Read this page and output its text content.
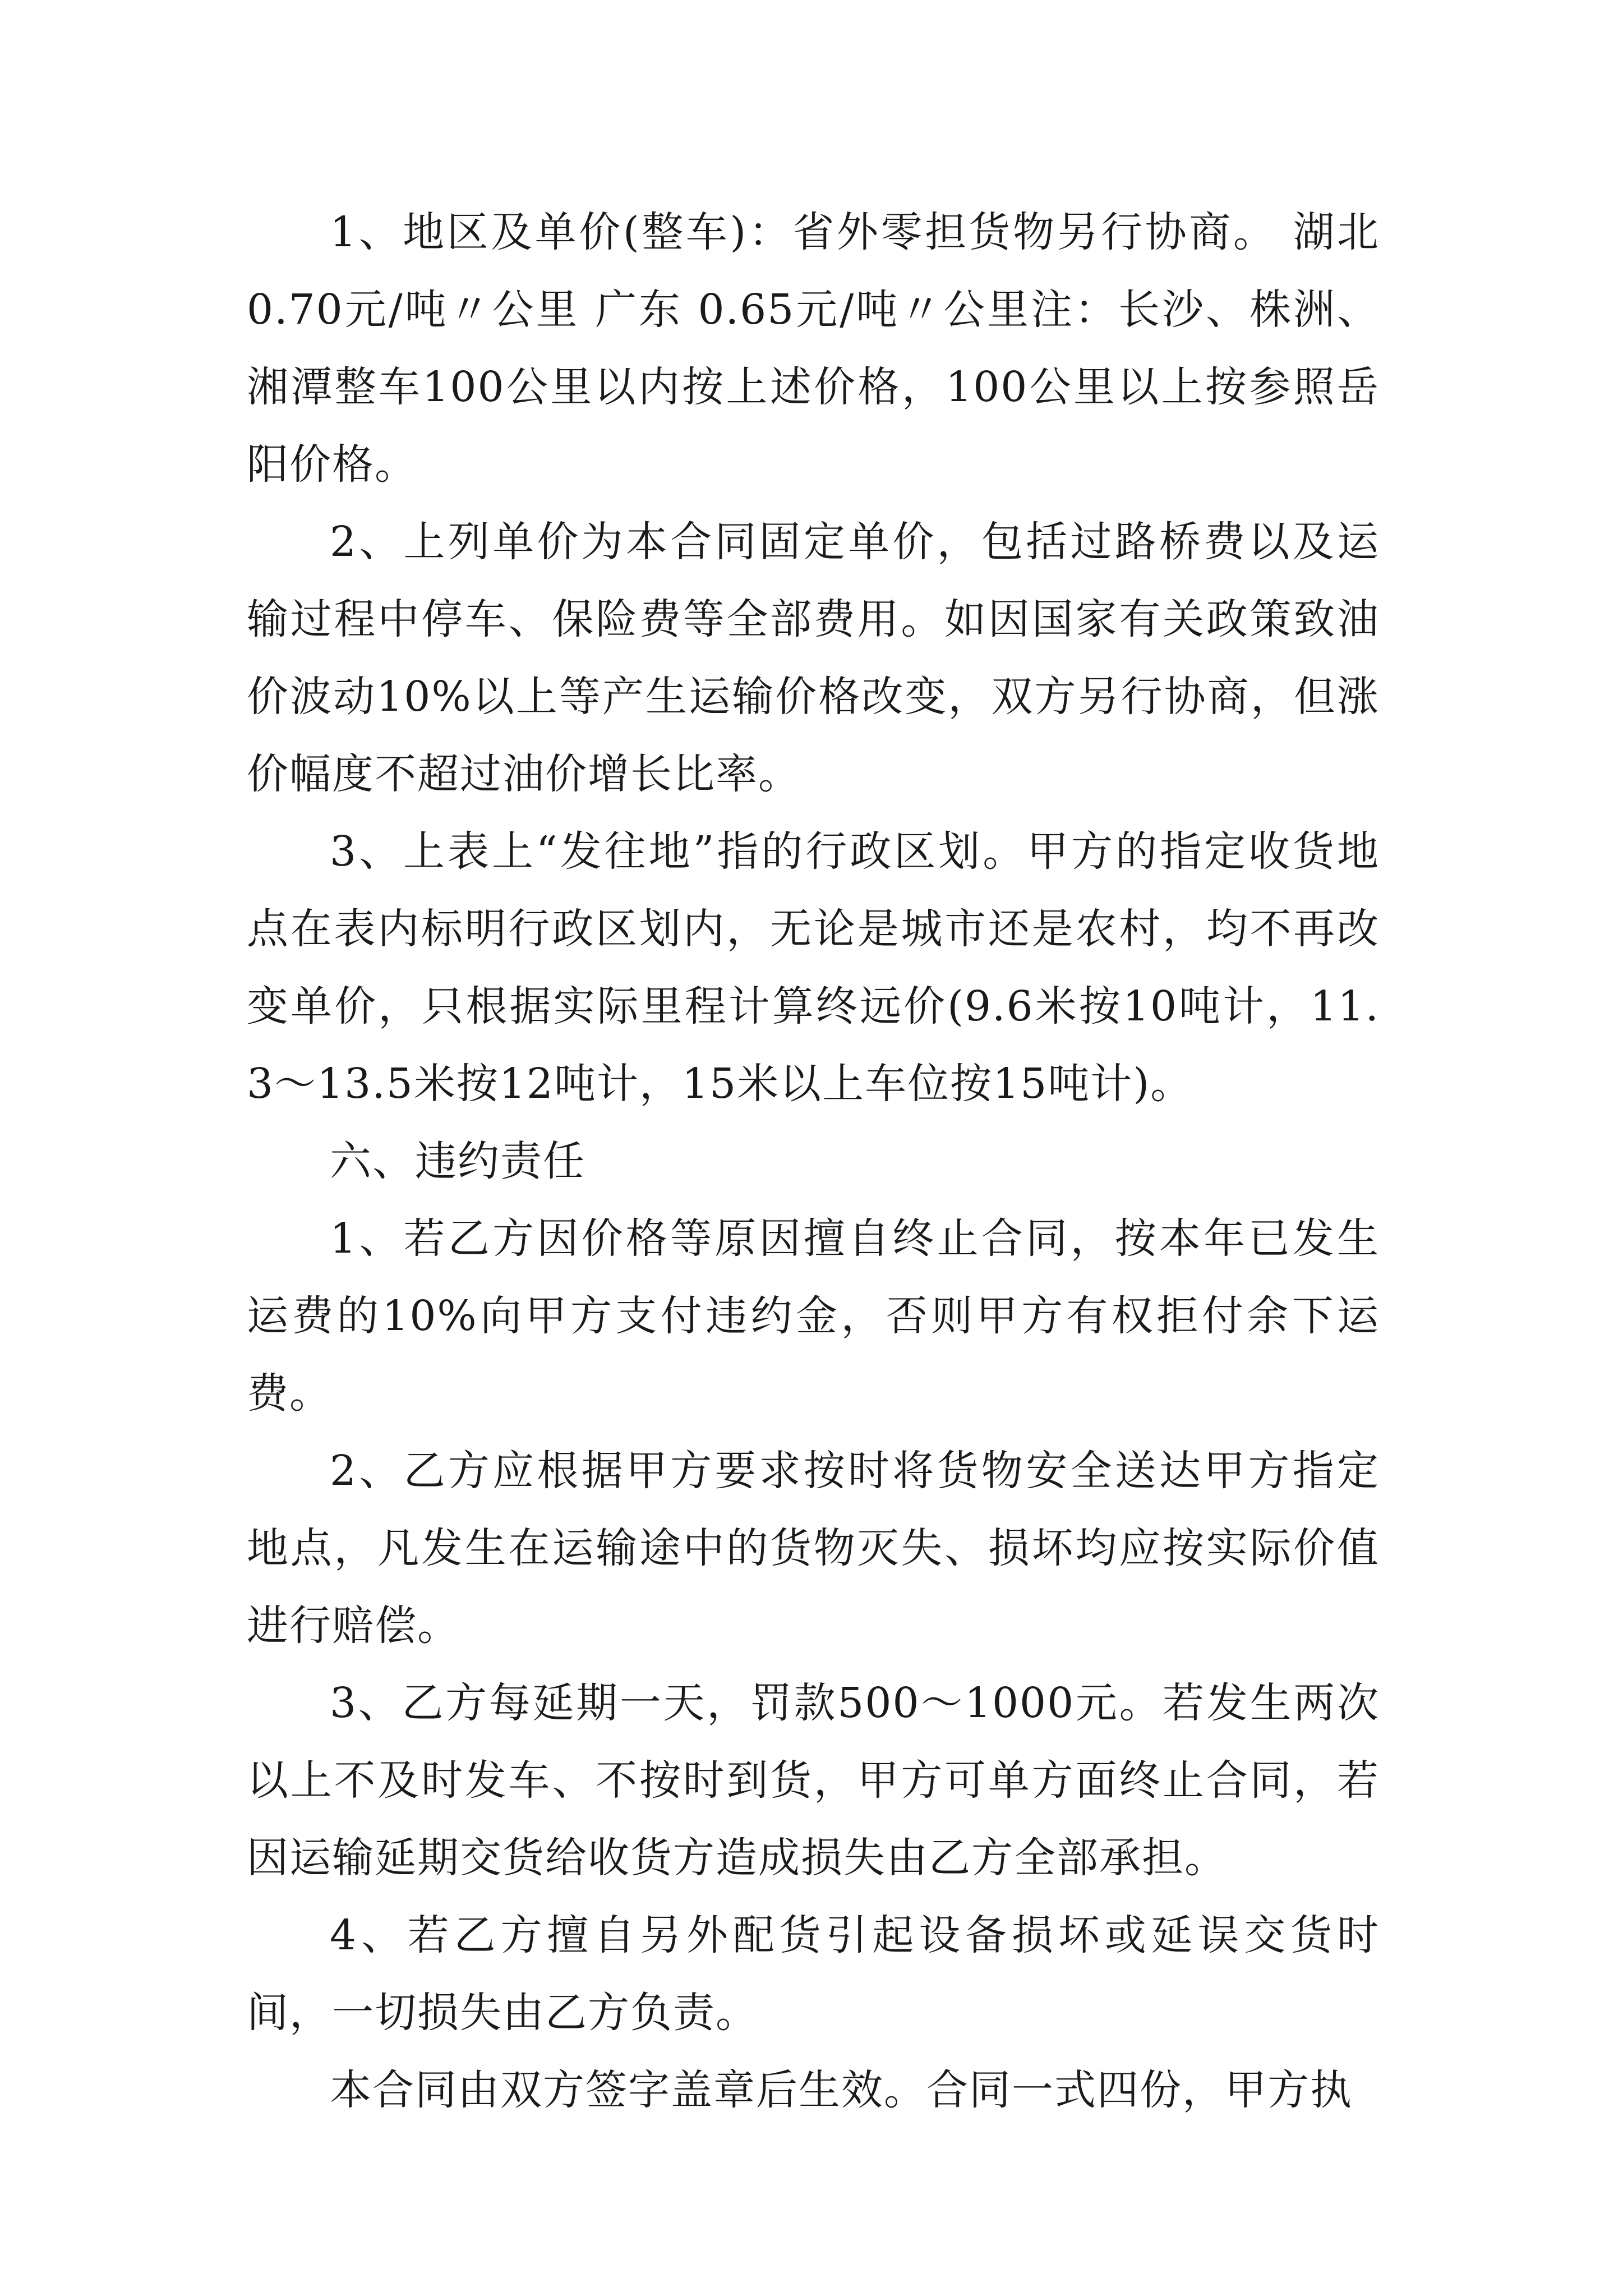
1、地区及单价(整车)：省外零担货物另行协商。 湖北0.70元/吨〃公里 广东 0.65元/吨〃公里注：长沙、株洲、湘潭整车100公里以内按上述价格，100公里以上按参照岳阳价格。

2、上列单价为本合同固定单价，包括过路桥费以及运输过程中停车、保险费等全部费用。如因国家有关政策致油价波动10%以上等产生运输价格改变，双方另行协商，但涨价幅度不超过油价增长比率。

3、上表上“发往地”指的行政区划。甲方的指定收货地点在表内标明行政区划内，无论是城市还是农村，均不再改变单价，只根据实际里程计算终远价(9.6米按10吨计，11.3～13.5米按12吨计，15米以上车位按15吨计)。

六、违约责任

1、若乙方因价格等原因擅自终止合同，按本年已发生运费的10%向甲方支付违约金，否则甲方有权拒付余下运费。

2、乙方应根据甲方要求按时将货物安全送达甲方指定地点，凡发生在运输途中的货物灭失、损坏均应按实际价值进行赔偿。

3、乙方每延期一天，罚款500～1000元。若发生两次以上不及时发车、不按时到货，甲方可单方面终止合同，若因运输延期交货给收货方造成损失由乙方全部承担。

4、若乙方擅自另外配货引起设备损坏或延误交货时间，一切损失由乙方负责。

本合同由双方签字盖章后生效。合同一式四份，甲方执
